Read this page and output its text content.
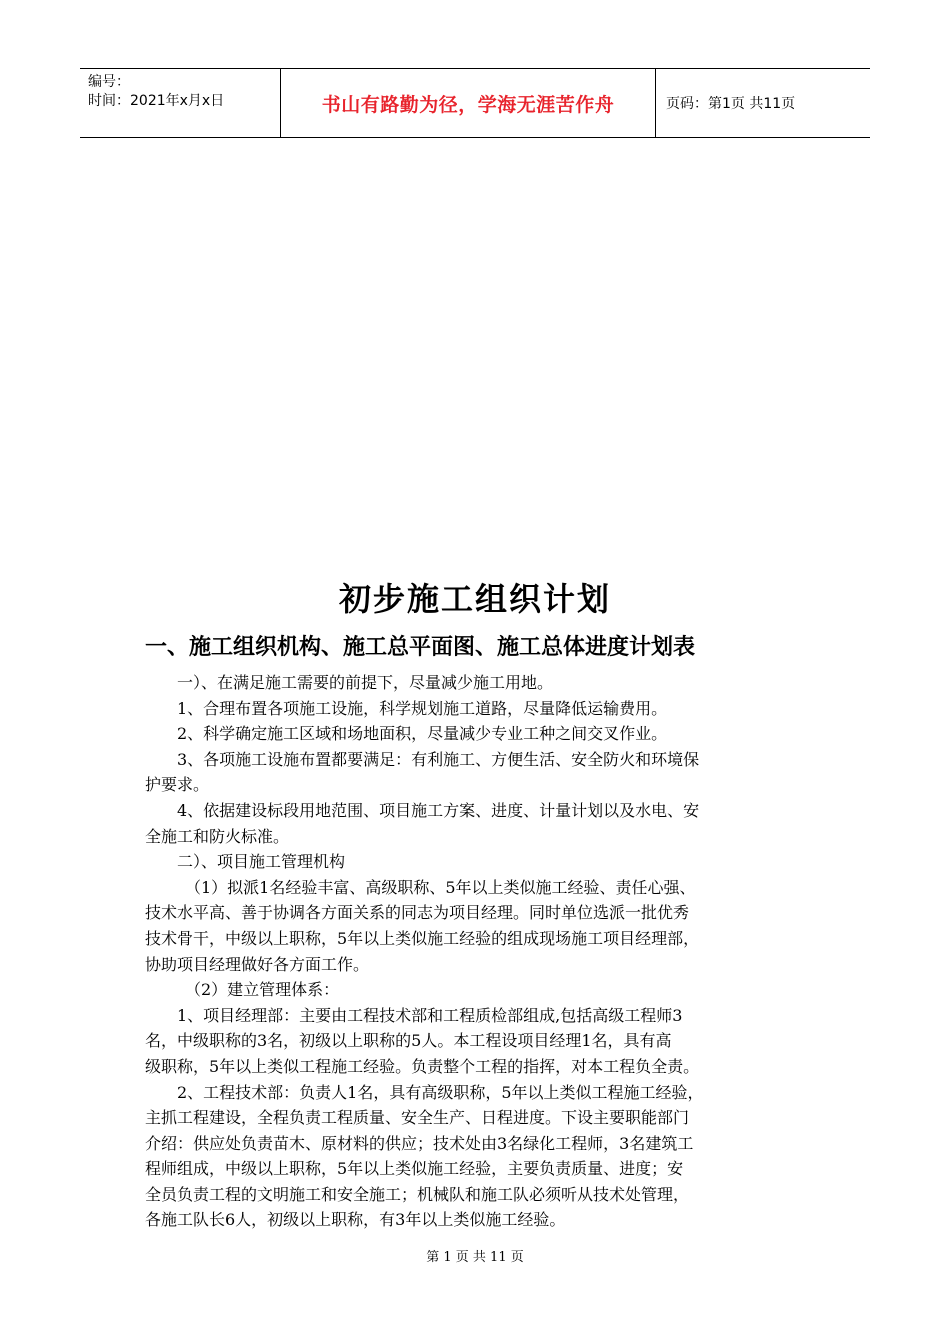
编号：
时间：2021年x月x日	书山有路勤为径，学海无涯苦作舟	页码：第1页 共11页
初步施工组织计划
一、施工组织机构、施工总平面图、施工总体进度计划表
一）、在满足施工需要的前提下，尽量减少施工用地。
1、合理布置各项施工设施，科学规划施工道路，尽量降低运输费用。
2、科学确定施工区域和场地面积，尽量减少专业工种之间交叉作业。
3、各项施工设施布置都要满足：有利施工、方便生活、安全防火和环境保
护要求。
4、依据建设标段用地范围、项目施工方案、进度、计量计划以及水电、安
全施工和防火标准。
二）、项目施工管理机构
（1）拟派1名经验丰富、高级职称、5年以上类似施工经验、责任心强、
技术水平高、善于协调各方面关系的同志为项目经理。同时单位选派一批优秀
技术骨干，中级以上职称，5年以上类似施工经验的组成现场施工项目经理部，
协助项目经理做好各方面工作。
（2）建立管理体系：
1、项目经理部：主要由工程技术部和工程质检部组成,包括高级工程师3
名，中级职称的3名，初级以上职称的5人。本工程设项目经理1名，具有高
级职称，5年以上类似工程施工经验。负责整个工程的指挥，对本工程负全责。
2、工程技术部：负责人1名，具有高级职称，5年以上类似工程施工经验，
主抓工程建设，全程负责工程质量、安全生产、日程进度。下设主要职能部门
介绍：供应处负责苗木、原材料的供应；技术处由3名绿化工程师，3名建筑工
程师组成，中级以上职称，5年以上类似施工经验，主要负责质量、进度；安
全员负责工程的文明施工和安全施工；机械队和施工队必须听从技术处管理，
各施工队长6人，初级以上职称，有3年以上类似施工经验。
第 1 页 共 11 页
